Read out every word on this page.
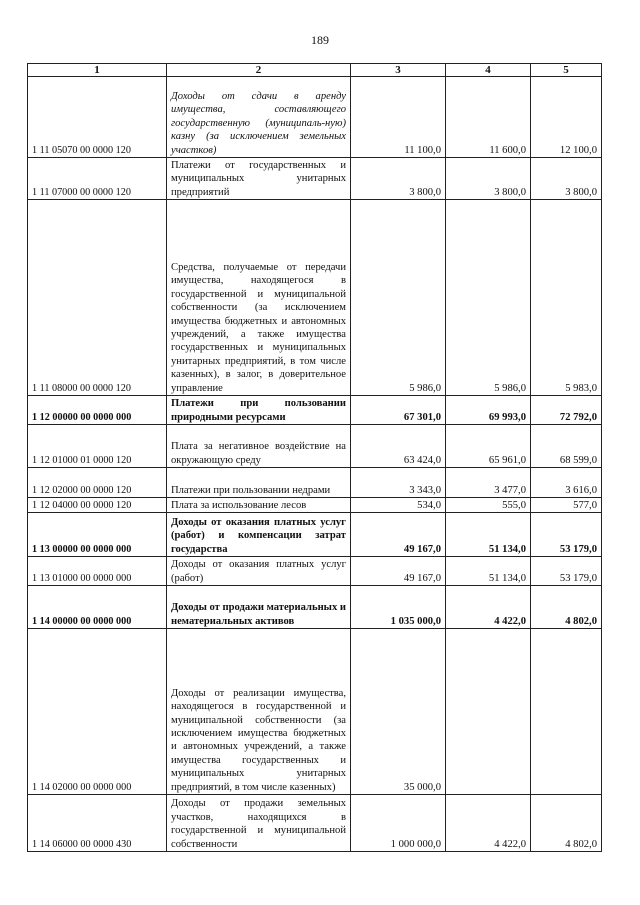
189
1	2	3	4	5
1 11 05070 00 0000 120	Доходы от сдачи в аренду имущества, составляющего государственную (муниципаль-ную) казну (за исключением земельных участков)	11 100,0	11 600,0	12 100,0
1 11 07000 00 0000 120	Платежи от государственных и муниципальных унитарных предприятий	3 800,0	3 800,0	3 800,0
1 11 08000 00 0000 120	Средства, получаемые от передачи имущества, находящегося в государственной и муниципальной собственности (за исключением имущества бюджетных и автономных учреждений, а также имущества государственных и муниципальных унитарных предприятий, в том числе казенных), в залог, в доверительное управление	5 986,0	5 986,0	5 983,0
1 12 00000 00 0000 000	Платежи при пользовании природными ресурсами	67 301,0	69 993,0	72 792,0
1 12 01000 01 0000 120	Плата за негативное воздействие на окружающую среду	63 424,0	65 961,0	68 599,0
1 12 02000 00 0000 120	Платежи при пользовании недрами	3 343,0	3 477,0	3 616,0
1 12 04000 00 0000 120	Плата за использование лесов	534,0	555,0	577,0
1 13 00000 00 0000 000	Доходы от оказания платных услуг (работ) и компенсации затрат государства	49 167,0	51 134,0	53 179,0
1 13 01000 00 0000 000	Доходы от оказания платных услуг (работ)	49 167,0	51 134,0	53 179,0
1 14 00000 00 0000 000	Доходы от продажи материальных и нематериальных активов	1 035 000,0	4 422,0	4 802,0
1 14 02000 00 0000 000	Доходы от реализации имущества, находящегося в государственной и муниципальной собственности (за исключением имущества бюджетных и автономных учреждений, а также имущества государственных и муниципальных унитарных предприятий, в том числе казенных)	35 000,0		
1 14 06000 00 0000 430	Доходы от продажи земельных участков, находящихся в государственной и муниципальной собственности	1 000 000,0	4 422,0	4 802,0
